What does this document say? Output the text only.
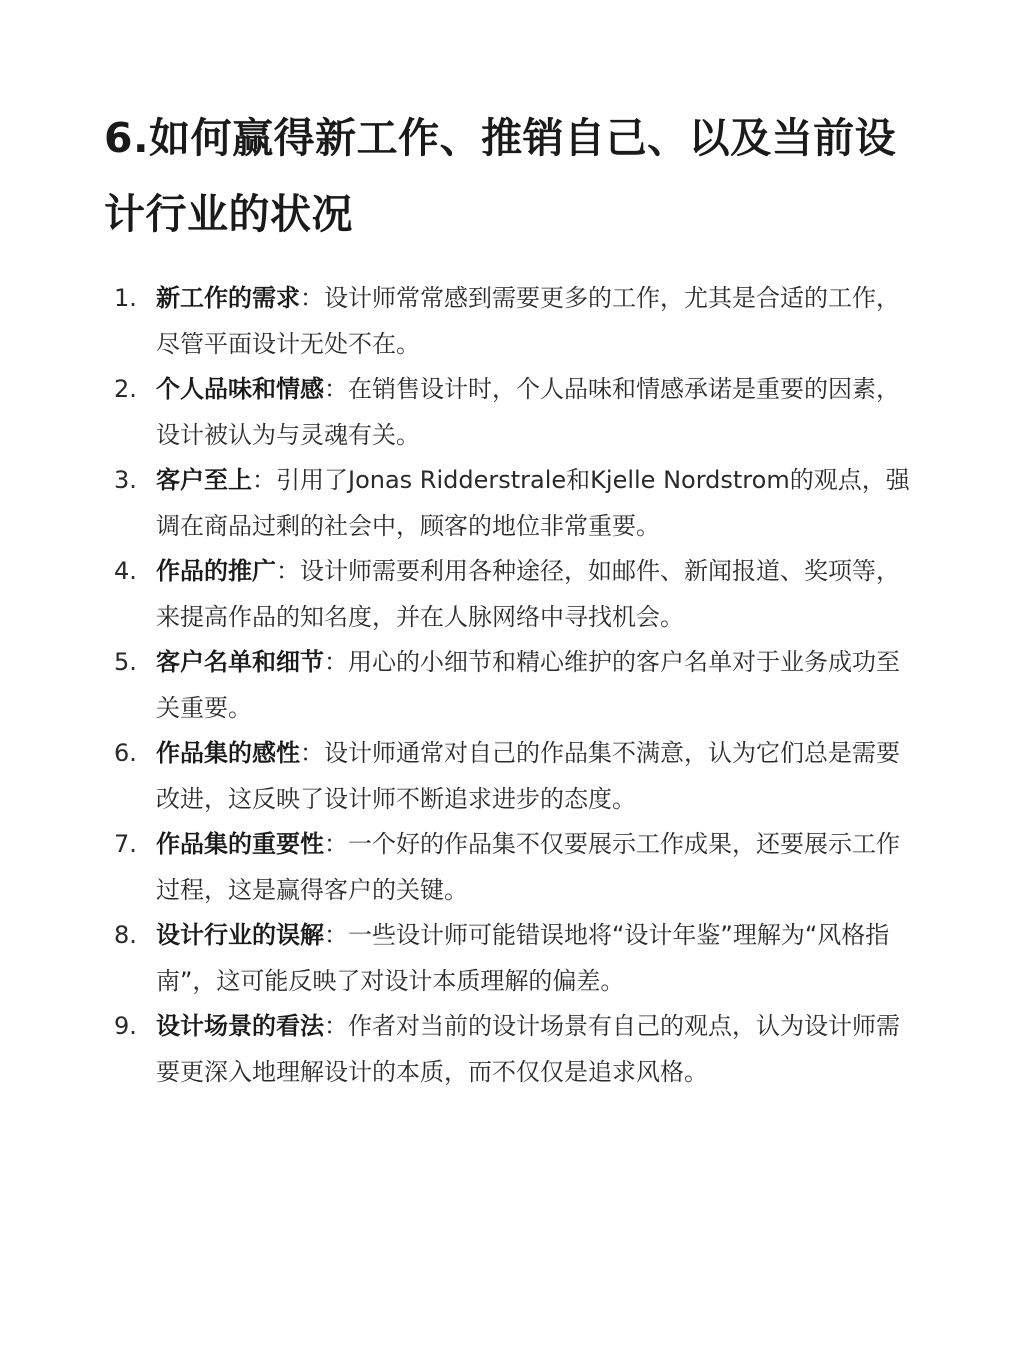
6.如何赢得新工作、推销自己、以及当前设计行业的状况
1. 新工作的需求：设计师常常感到需要更多的工作，尤其是合适的工作，尽管平面设计无处不在。
2. 个人品味和情感：在销售设计时，个人品味和情感承诺是重要的因素，设计被认为与灵魂有关。
3. 客户至上：引用了Jonas Ridderstrale和Kjelle Nordstrom的观点，强调在商品过剩的社会中，顾客的地位非常重要。
4. 作品的推广：设计师需要利用各种途径，如邮件、新闻报道、奖项等，来提高作品的知名度，并在人脉网络中寻找机会。
5. 客户名单和细节：用心的小细节和精心维护的客户名单对于业务成功至关重要。
6. 作品集的感性：设计师通常对自己的作品集不满意，认为它们总是需要改进，这反映了设计师不断追求进步的态度。
7. 作品集的重要性：一个好的作品集不仅要展示工作成果，还要展示工作过程，这是赢得客户的关键。
8. 设计行业的误解：一些设计师可能错误地将“设计年鉴”理解为“风格指南”，这可能反映了对设计本质理解的偏差。
9. 设计场景的看法：作者对当前的设计场景有自己的观点，认为设计师需要更深入地理解设计的本质，而不仅仅是追求风格。
